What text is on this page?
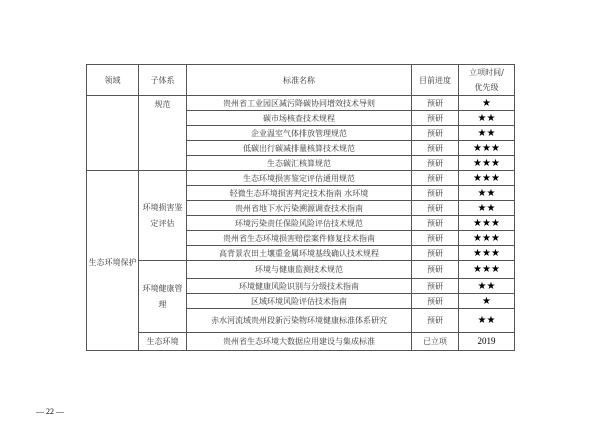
领域	子体系	标准名称	目前进度	立项时间/
优先级
	规范	贵州省工业园区减污降碳协同增效技术导则	预研	★
		碳市场核查技术规程	预研	★★
		企业温室气体排放管理规范	预研	★★
		低碳出行碳减排量核算技术规范	预研	★★★
		生态碳汇核算规范	预研	★★★
生态环境保护	环境损害鉴定评估	生态环境损害鉴定评估通用规范	预研	★★★
		轻微生态环境损害判定技术指南 水环境	预研	★★
		贵州省地下水污染溯源调查技术指南	预研	★★
		环境污染责任保险风险评估技术规范	预研	★★★
		贵州省生态环境损害赔偿案件修复技术指南	预研	★★★
		高背景农田土壤重金属环境基线确认技术规程	预研	★★★
	环境健康管理	环境与健康监测技术规范	预研	★★★
		环境健康风险识别与分级技术指南	预研	★★
		区域环境风险评估技术指南	预研	★
		赤水河流域贵州段新污染物环境健康标准体系研究	预研	★★
	生态环境	贵州省生态环境大数据应用建设与集成标准	已立项	2019
— 22 —
